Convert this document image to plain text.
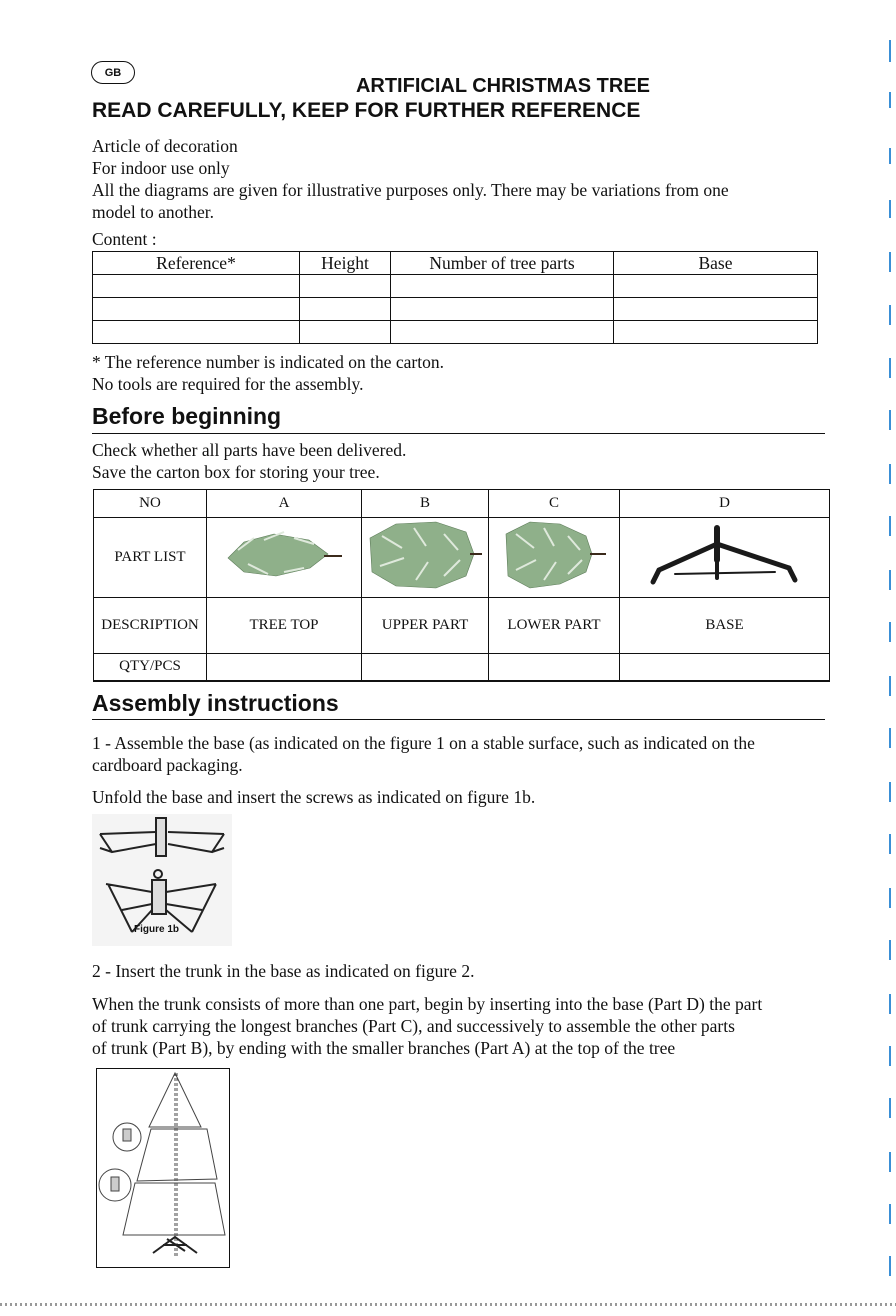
GB
ARTIFICIAL CHRISTMAS TREE
READ CAREFULLY, KEEP FOR FURTHER REFERENCE
Article of decoration
For indoor use only
All the diagrams are given for illustrative purposes only. There may be variations from one
model to another.
Content :
Reference*	Height	Number of tree parts	Base

* The reference number is indicated on the carton.
No tools are required for the assembly.
Before beginning
Check whether all parts have been delivered.
Save the carton box for storing your tree.
NO	A	B	C	D
PART LIST				
DESCRIPTION	TREE TOP	UPPER PART	LOWER PART	BASE
QTY/PCS				
Assembly instructions
1 - Assemble the base (as indicated on the figure 1 on a stable surface, such as indicated on the
cardboard packaging.
Unfold the base and insert the screws as indicated on figure 1b.
Figure 1b
2 - Insert the trunk in the base as indicated on figure 2.
When the trunk consists of more than one part, begin by inserting into the base (Part D) the part
of trunk carrying the longest branches (Part C), and successively to assemble the other parts
of trunk (Part B), by ending with the smaller branches (Part A) at the top of the tree
